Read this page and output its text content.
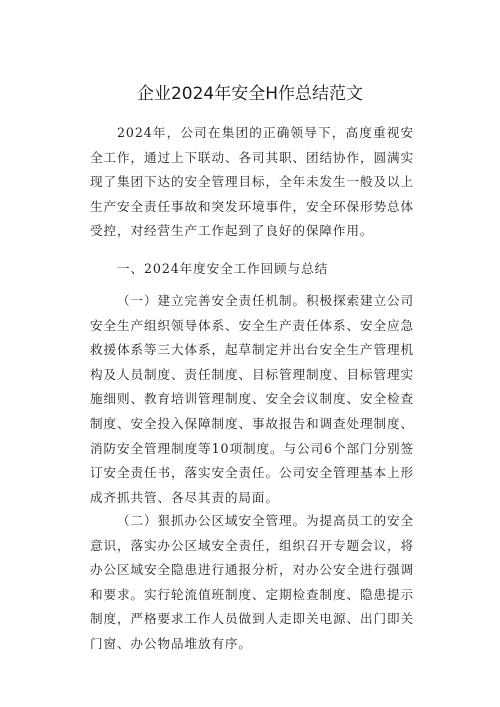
企业2024年安全H作总结范文

2024年，公司在集团的正确领导下，高度重视安全工作，通过上下联动、各司其职、团结协作，圆满实现了集团下达的安全管理目标，全年未发生一般及以上生产安全责任事故和突发环境事件，安全环保形势总体受控，对经营生产工作起到了良好的保障作用。

一、2024年度安全工作回顾与总结

（一）建立完善安全责任机制。积极探索建立公司安全生产组织领导体系、安全生产责任体系、安全应急救援体系等三大体系，起草制定并出台安全生产管理机构及人员制度、责任制度、目标管理制度、目标管理实施细则、教育培训管理制度、安全会议制度、安全检查制度、安全投入保障制度、事故报告和调查处理制度、消防安全管理制度等10项制度。与公司6个部门分别签订安全责任书，落实安全责任。公司安全管理基本上形成齐抓共管、各尽其责的局面。

（二）狠抓办公区域安全管理。为提高员工的安全意识，落实办公区域安全责任，组织召开专题会议，将办公区域安全隐患进行通报分析，对办公安全进行强调和要求。实行轮流值班制度、定期检查制度、隐患提示制度，严格要求工作人员做到人走即关电源、出门即关门窗、办公物品堆放有序。
